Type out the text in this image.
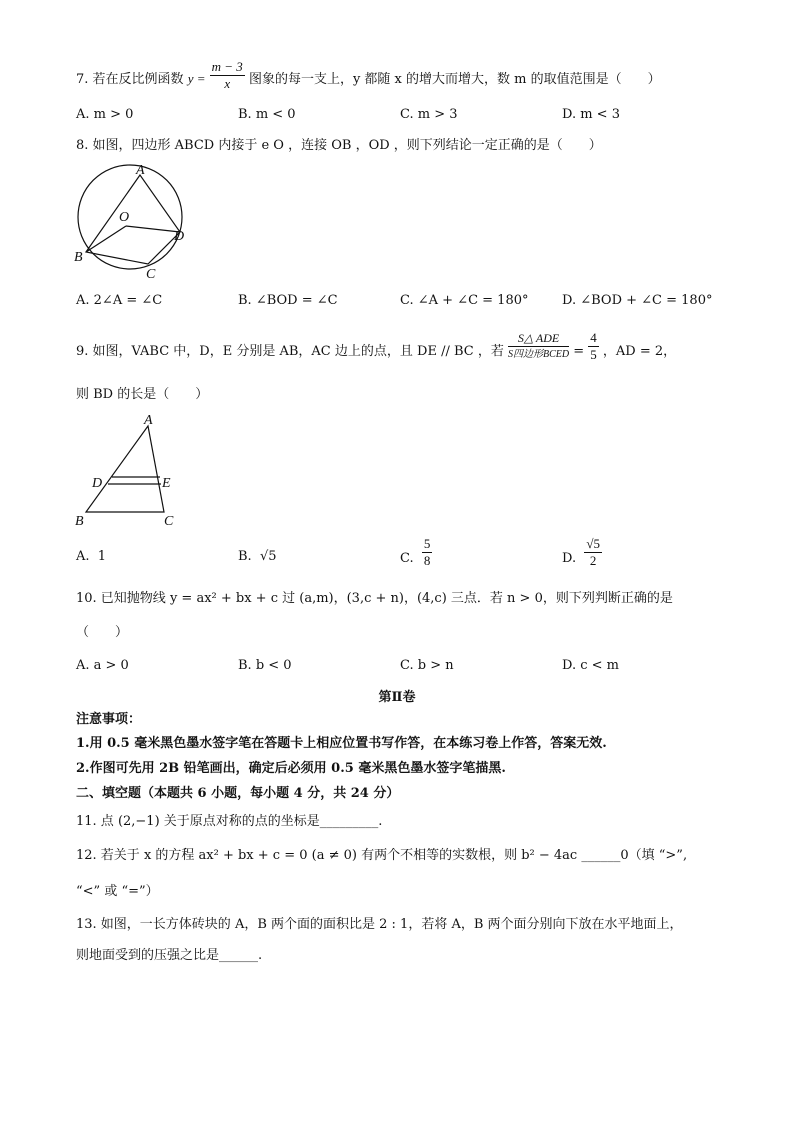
7. 若在反比例函数 $y = \frac{m - 3}{x}$ 图象的每一支上，y 都随 x 的增大而增大，数 m 的取值范围是（　　）
A. m > 0	B. m < 0	C. m > 3	D. m < 3
8. 如图，四边形 ABCD 内接于 e O ，连接 OB ，OD ，则下列结论一定正确的是（　　）
A
B
C
D
O
A. 2∠A = ∠C	B. ∠BOD = ∠C	C. ∠A + ∠C = 180°	D. ∠BOD + ∠C = 180°
9. 如图，VABC 中，D，E 分别是 AB，AC 边上的点，且 DE // BC ，若 $\frac{\text{S△ ADE}}{\text{S四边形BCED}} = \frac{4}{5}$ ，AD = 2，
则 BD 的长是（　　）
A
B	C
D	E
A. 1	B. √5	C. $\frac{5}{8}$	D. $\frac{√5}{2}$
10. 已知抛物线 y = ax² + bx + c 过 (a,m)，(3,c + n)，(4,c) 三点．若 n > 0，则下列判断正确的是
（　　）
A. a > 0	B. b < 0	C. b > n	D. c < m
第Ⅱ卷
注意事项：
1.用 0.5 毫米黑色墨水签字笔在答题卡上相应位置书写作答，在本练习卷上作答，答案无效.
2.作图可先用 2B 铅笔画出，确定后必须用 0.5 毫米黑色墨水签字笔描黑.
二、填空题（本题共 6 小题，每小题 4 分，共 24 分）
11. 点 (2,−1) 关于原点对称的点的坐标是_________.
12. 若关于 x 的方程 ax² + bx + c = 0 (a ≠ 0) 有两个不相等的实数根，则 b² − 4ac ______0（填 “>”,
“<” 或 “=”）
13. 如图，一长方体砖块的 A，B 两个面的面积比是 2 : 1，若将 A，B 两个面分别向下放在水平地面上，
则地面受到的压强之比是______.
